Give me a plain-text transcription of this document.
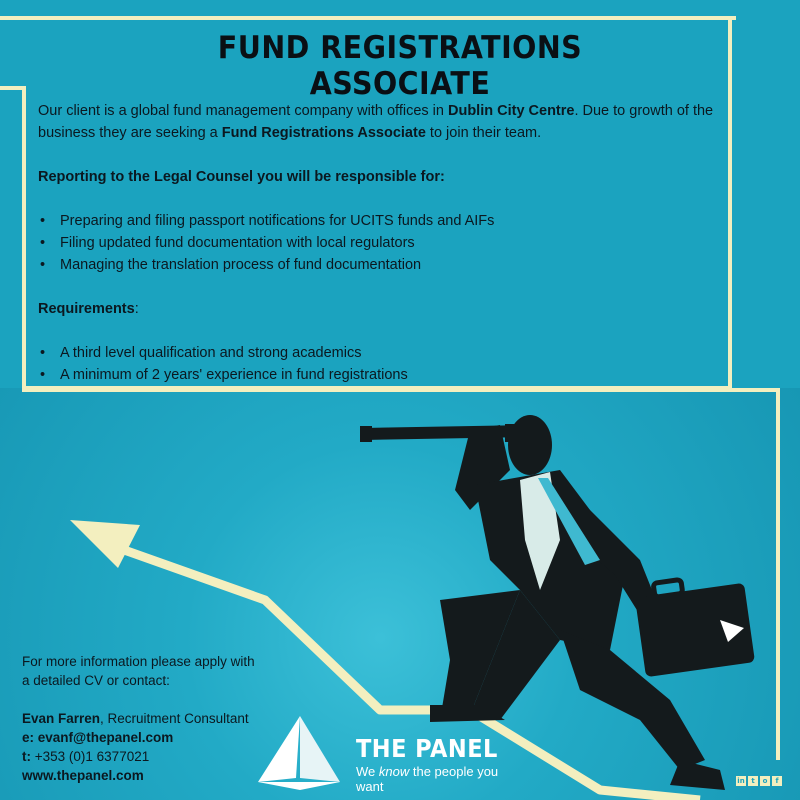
FUND REGISTRATIONS ASSOCIATE

Our client is a global fund management company with offices in Dublin City Centre. Due to growth of the business they are seeking a Fund Registrations Associate to join their team.

Reporting to the Legal Counsel you will be responsible for:

• Preparing and filing passport notifications for UCITS funds and AIFs
• Filing updated fund documentation with local regulators
• Managing the translation process of fund documentation

Requirements:

• A third level qualification and strong academics
• A minimum of 2 years' experience in fund registrations
For more information please apply with
a detailed CV or contact:
Evan Farren, Recruitment Consultant
e: evanf@thepanel.com
t: +353 (0)1 6377021
www.thepanel.com
THE PANEL
We know the people you want	in t	o	f
